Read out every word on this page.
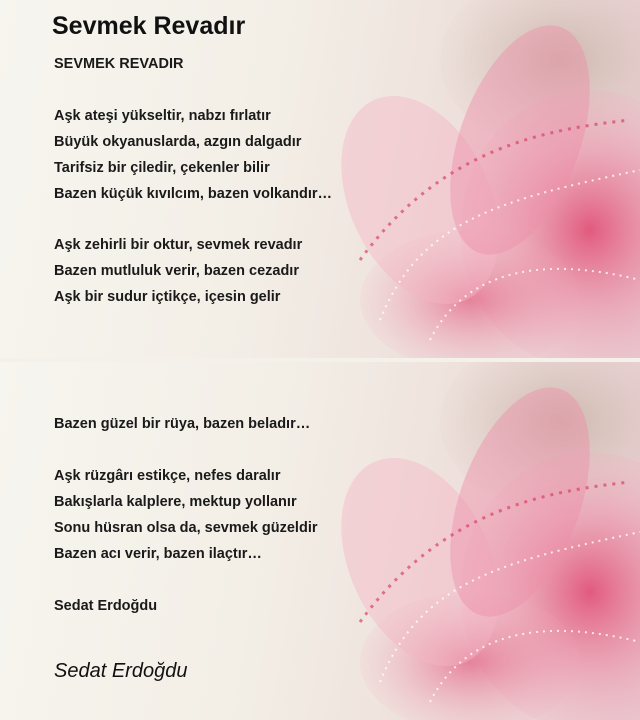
Sevmek Revadır

SEVMEK REVADIR

Aşk ateşi yükseltir, nabzı fırlatır

Büyük okyanuslarda, azgın dalgadır

Tarifsiz bir çiledir, çekenler bilir

Bazen küçük kıvılcım, bazen volkandır…

Aşk zehirli bir oktur, sevmek revadır

Bazen mutluluk verir, bazen cezadır

Aşk bir sudur içtikçe, içesin gelir

Bazen güzel bir rüya, bazen beladır…

Aşk rüzgârı estikçe, nefes daralır

Bakışlarla kalplere, mektup yollanır

Sonu hüsran olsa da, sevmek güzeldir

Bazen acı verir, bazen ilaçtır…

Sedat Erdoğdu

Sedat Erdoğdu
